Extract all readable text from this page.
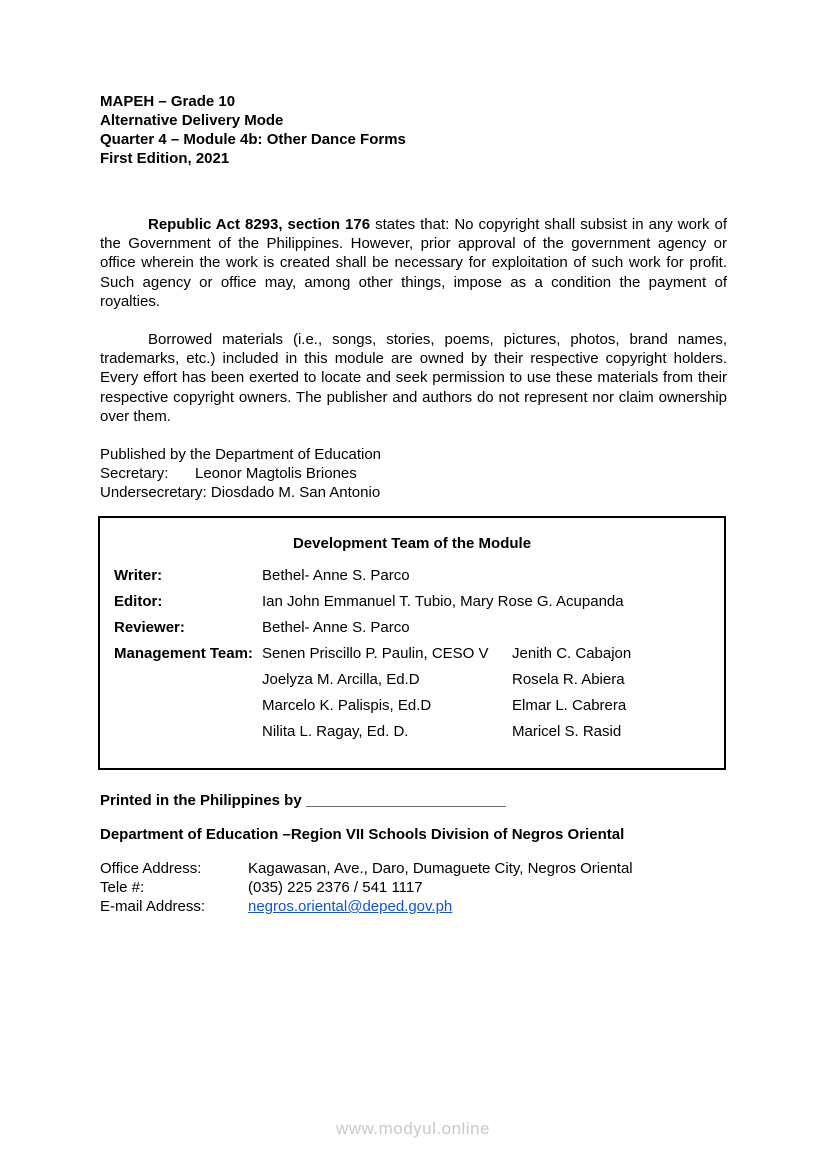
MAPEH – Grade 10
Alternative Delivery Mode
Quarter 4 – Module 4b: Other Dance Forms
First Edition, 2021

Republic Act 8293, section 176 states that: No copyright shall subsist in any work of the Government of the Philippines. However, prior approval of the government agency or office wherein the work is created shall be necessary for exploitation of such work for profit. Such agency or office may, among other things, impose as a condition the payment of royalties.

Borrowed materials (i.e., songs, stories, poems, pictures, photos, brand names, trademarks, etc.) included in this module are owned by their respective copyright holders. Every effort has been exerted to locate and seek permission to use these materials from their respective copyright owners. The publisher and authors do not represent nor claim ownership over them.

Published by the Department of Education
Secretary: Leonor Magtolis Briones
Undersecretary: Diosdado M. San Antonio
Development Team of the Module
Writer:	Bethel- Anne S. Parco
Editor:	Ian John Emmanuel T. Tubio, Mary Rose G. Acupanda
Reviewer:	Bethel- Anne S. Parco
Management Team: Senen Priscillo P. Paulin, CESO V	Jenith C. Cabajon
Joelyza M. Arcilla, Ed.D	Rosela R. Abiera
Marcelo K. Palispis, Ed.D	Elmar L. Cabrera
Nilita L. Ragay, Ed. D.	Maricel S. Rasid
Printed in the Philippines by ________________________
Department of Education –Region VII Schools Division of Negros Oriental
Office Address:	Kagawasan, Ave., Daro, Dumaguete City, Negros Oriental
Tele #:	(035) 225 2376 / 541 1117
E-mail Address:	negros.oriental@deped.gov.ph
www.modyul.online
